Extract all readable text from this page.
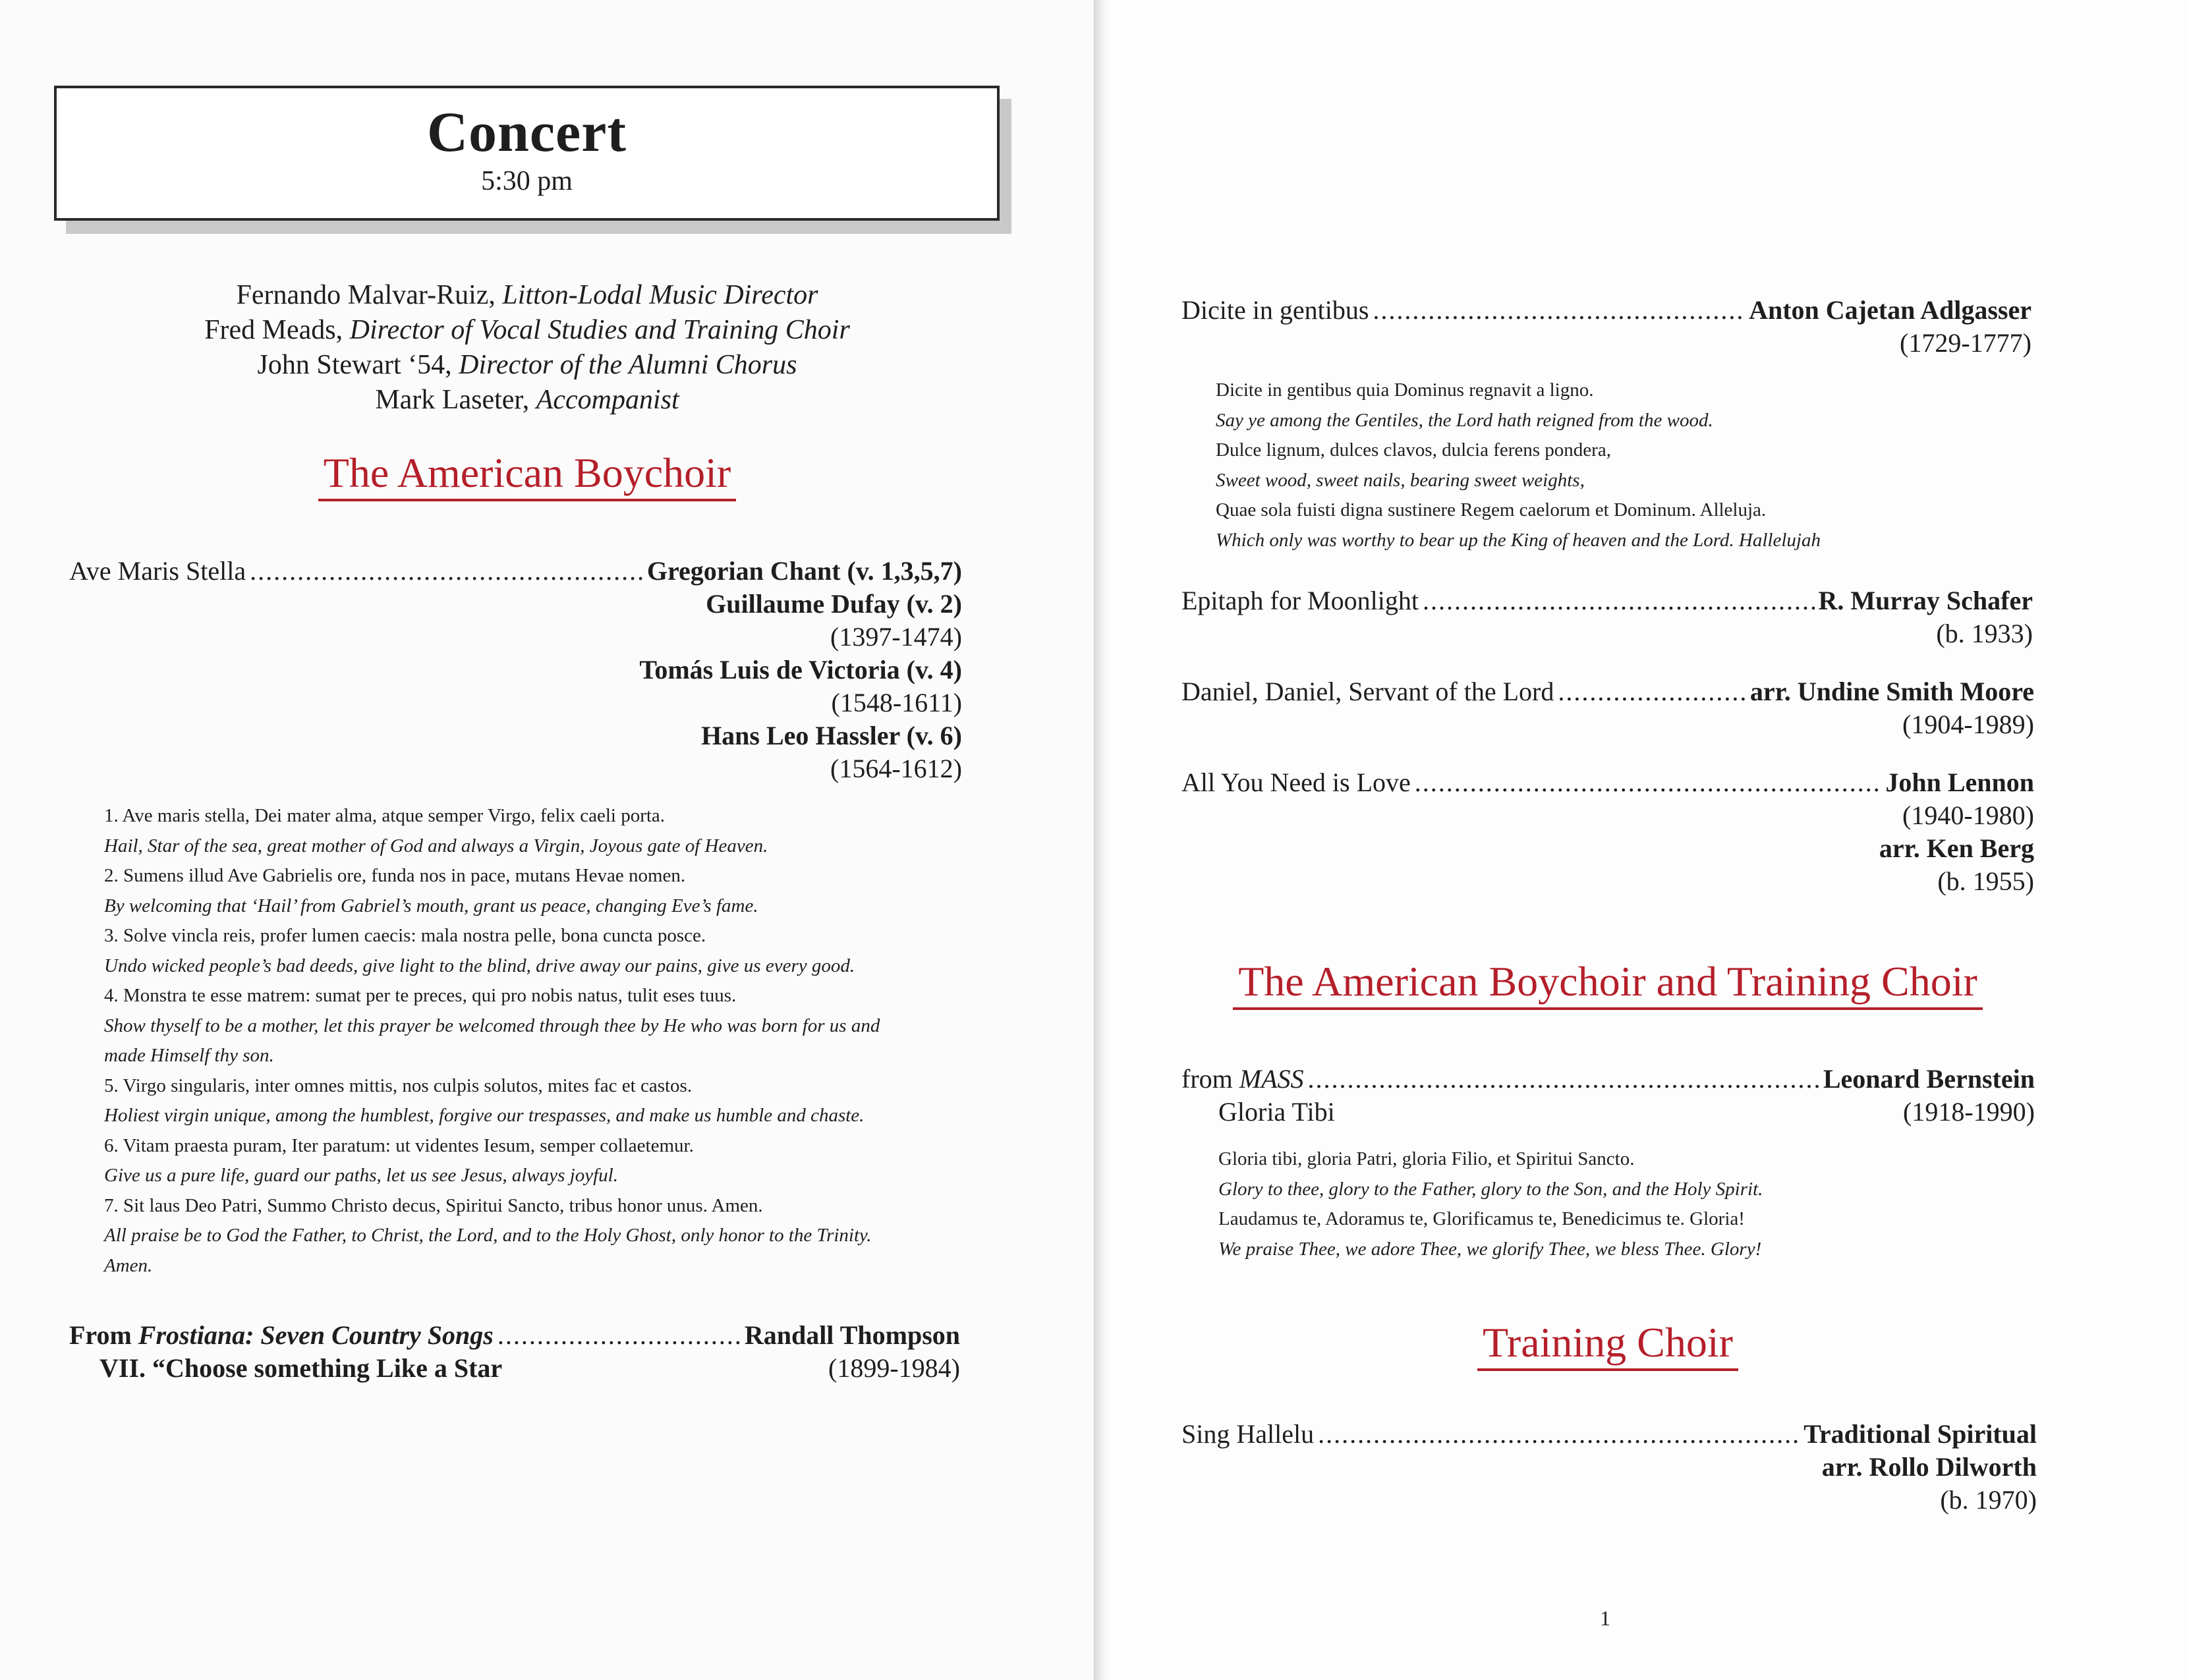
Concert
5:30 pm
Fernando Malvar-Ruiz, Litton-Lodal Music Director
Fred Meads, Director of Vocal Studies and Training Choir
John Stewart ‘54, Director of the Alumni Chorus
Mark Laseter, Accompanist
The American Boychoir
Ave Maris Stella .....	Gregorian Chant (v. 1,3,5,7)
Guillaume Dufay (v. 2)
(1397-1474)
Tomás Luis de Victoria (v. 4)
(1548-1611)
Hans Leo Hassler (v. 6)
(1564-1612)
1. Ave maris stella, Dei mater alma, atque semper Virgo, felix caeli porta.
Hail, Star of the sea, great mother of God and always a Virgin, Joyous gate of Heaven.
2. Sumens illud Ave Gabrielis ore, funda nos in pace, mutans Hevae nomen.
By welcoming that ‘Hail’ from Gabriel’s mouth, grant us peace, changing Eve’s fame.
3. Solve vincla reis, profer lumen caecis: mala nostra pelle, bona cuncta posce.
Undo wicked people’s bad deeds, give light to the blind, drive away our pains, give us every good.
4. Monstra te esse matrem: sumat per te preces, qui pro nobis natus, tulit eses tuus.
Show thyself to be a mother, let this prayer be welcomed through thee by He who was born for us and
made Himself thy son.
5. Virgo singularis, inter omnes mittis, nos culpis solutos, mites fac et castos.
Holiest virgin unique, among the humblest, forgive our trespasses, and make us humble and chaste.
6. Vitam praesta puram, Iter paratum: ut videntes Iesum, semper collaetemur.
Give us a pure life, guard our paths, let us see Jesus, always joyful.
7. Sit laus Deo Patri, Summo Christo decus, Spiritui Sancto, tribus honor unus. Amen.
All praise be to God the Father, to Christ, the Lord, and to the Holy Ghost, only honor to the Trinity.
Amen.
From Frostiana: Seven Country Songs .....	Randall Thompson
VII. “Choose something Like a Star	(1899-1984)
Dicite in gentibus .....	Anton Cajetan Adlgasser
(1729-1777)
Dicite in gentibus quia Dominus regnavit a ligno.
Say ye among the Gentiles, the Lord hath reigned from the wood.
Dulce lignum, dulces clavos, dulcia ferens pondera,
Sweet wood, sweet nails, bearing sweet weights,
Quae sola fuisti digna sustinere Regem caelorum et Dominum. Alleluja.
Which only was worthy to bear up the King of heaven and the Lord. Hallelujah
Epitaph for Moonlight .....	R. Murray Schafer
(b. 1933)
Daniel, Daniel, Servant of the Lord .....	arr. Undine Smith Moore
(1904-1989)
All You Need is Love .....	John Lennon
(1940-1980)
arr. Ken Berg
(b. 1955)
The American Boychoir and Training Choir
from MASS .....	Leonard Bernstein
Gloria Tibi	(1918-1990)
Gloria tibi, gloria Patri, gloria Filio, et Spiritui Sancto.
Glory to thee, glory to the Father, glory to the Son, and the Holy Spirit.
Laudamus te, Adoramus te, Glorificamus te, Benedicimus te. Gloria!
We praise Thee, we adore Thee, we glorify Thee, we bless Thee. Glory!
Training Choir
Sing Hallelu .....	Traditional Spiritual
arr. Rollo Dilworth
(b. 1970)
1
